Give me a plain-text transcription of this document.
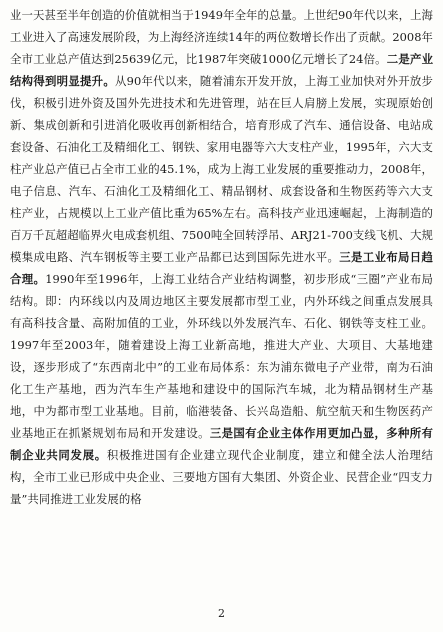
业一天甚至半年创造的价值就相当于1949年全年的总量。上世纪90年代以来，上海工业进入了高速发展阶段，为上海经济连续14年的两位数增长作出了贡献。2008年全市工业总产值达到25639亿元，比1987年突破1000亿元增长了24倍。二是产业结构得到明显提升。从90年代以来，随着浦东开发开放，上海工业加快对外开放步伐，积极引进外资及国外先进技术和先进管理，站在巨人肩膀上发展，实现原始创新、集成创新和引进消化吸收再创新相结合，培育形成了汽车、通信设备、电站成套设备、石油化工及精细化工、钢铁、家用电器等六大支柱产业，1995年，六大支柱产业总产值已占全市工业的45.1%，成为上海工业发展的重要推动力，2008年，电子信息、汽车、石油化工及精细化工、精品钢材、成套设备和生物医药等六大支柱产业，占规模以上工业产值比重为65%左右。高科技产业迅速崛起，上海制造的百万千瓦超超临界火电成套机组、7500吨全回转浮吊、ARJ21-700支线飞机、大规模集成电路、汽车钢板等主要工业产品都已达到国际先进水平。三是工业布局日趋合理。1990年至1996年，上海工业结合产业结构调整，初步形成“三圈”产业布局结构。即：内环线以内及周边地区主要发展都市型工业，内外环线之间重点发展具有高科技含量、高附加值的工业，外环线以外发展汽车、石化、钢铁等支柱工业。1997年至2003年，随着建设上海工业新高地，推进大产业、大项目、大基地建设，逐步形成了“东西南北中”的工业布局体系：东为浦东微电子产业带，南为石油化工生产基地，西为汽车生产基地和建设中的国际汽车城，北为精品钢材生产基地，中为都市型工业基地。目前，临港装备、长兴岛造船、航空航天和生物医药产业基地正在抓紧规划布局和开发建设。三是国有企业主体作用更加凸显，多种所有制企业共同发展。积极推进国有企业建立现代企业制度，建立和健全法人治理结构，全市工业已形成中央企业、三要地方国有大集团、外资企业、民营企业“四支力量”共同推进工业发展的格

2
